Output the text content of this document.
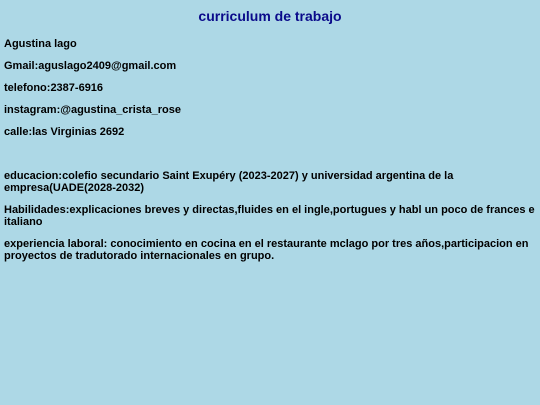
curriculum de trabajo

Agustina lago

Gmail:aguslago2409@gmail.com

telefono:2387-6916

instagram:@agustina_crista_rose

calle:las Virginias 2692

educacion:colefio secundario Saint Exupéry (2023-2027) y universidad argentina de la empresa(UADE(2028-2032)

Habilidades:explicaciones breves y directas,fluides en el ingle,portugues y habl un poco de frances e italiano

experiencia laboral: conocimiento en cocina en el restaurante mclago por tres años,participacion en proyectos de tradutorado internacionales en grupo.
